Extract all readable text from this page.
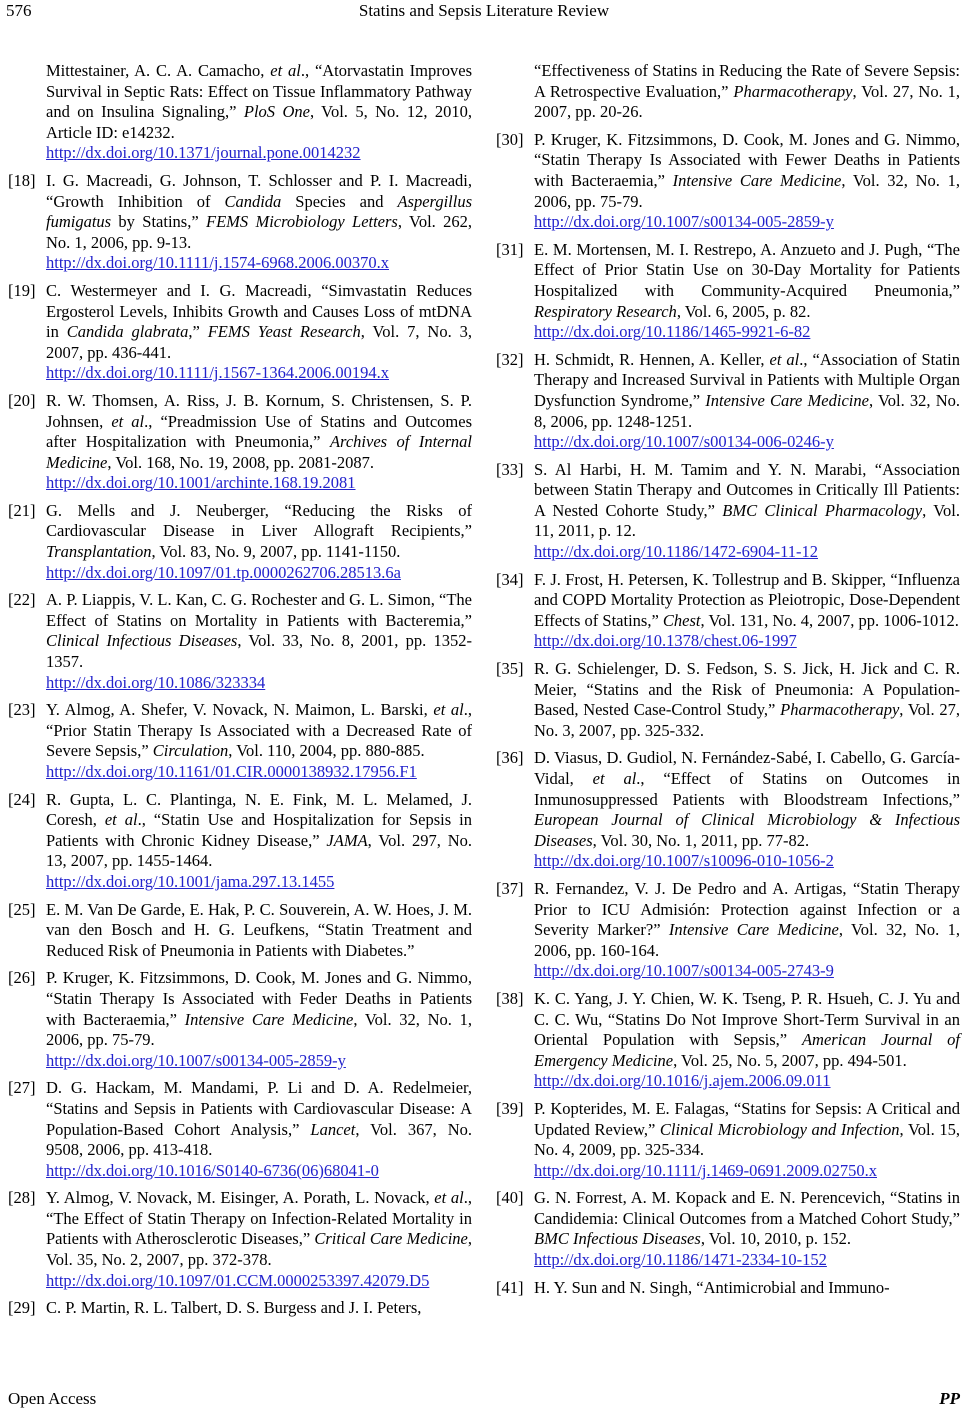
576	Statins and Sepsis Literature Review
Mittestainer, A. C. A. Camacho, et al., “Atorvastatin Improves Survival in Septic Rats: Effect on Tissue Inflammatory Pathway and on Insulina Signaling,” PloS One, Vol. 5, No. 12, 2010, Article ID: e14232.
http://dx.doi.org/10.1371/journal.pone.0014232
[18] I. G. Macreadi, G. Johnson, T. Schlosser and P. I. Macreadi, “Growth Inhibition of Candida Species and Aspergillus fumigatus by Statins,” FEMS Microbiology Letters, Vol. 262, No. 1, 2006, pp. 9-13.
http://dx.doi.org/10.1111/j.1574-6968.2006.00370.x
[19] C. Westermeyer and I. G. Macreadi, “Simvastatin Reduces Ergosterol Levels, Inhibits Growth and Causes Loss of mtDNA in Candida glabrata,” FEMS Yeast Research, Vol. 7, No. 3, 2007, pp. 436-441.
http://dx.doi.org/10.1111/j.1567-1364.2006.00194.x
[20] R. W. Thomsen, A. Riss, J. B. Kornum, S. Christensen, S. P. Johnsen, et al., “Preadmission Use of Statins and Outcomes after Hospitalization with Pneumonia,” Archives of Internal Medicine, Vol. 168, No. 19, 2008, pp. 2081-2087.
http://dx.doi.org/10.1001/archinte.168.19.2081
[21] G. Mells and J. Neuberger, “Reducing the Risks of Cardiovascular Disease in Liver Allograft Recipients,” Transplantation, Vol. 83, No. 9, 2007, pp. 1141-1150.
http://dx.doi.org/10.1097/01.tp.0000262706.28513.6a
[22] A. P. Liappis, V. L. Kan, C. G. Rochester and G. L. Simon, “The Effect of Statins on Mortality in Patients with Bacteremia,” Clinical Infectious Diseases, Vol. 33, No. 8, 2001, pp. 1352-1357.
http://dx.doi.org/10.1086/323334
[23] Y. Almog, A. Shefer, V. Novack, N. Maimon, L. Barski, et al., “Prior Statin Therapy Is Associated with a Decreased Rate of Severe Sepsis,” Circulation, Vol. 110, 2004, pp. 880-885.
http://dx.doi.org/10.1161/01.CIR.0000138932.17956.F1
[24] R. Gupta, L. C. Plantinga, N. E. Fink, M. L. Melamed, J. Coresh, et al., “Statin Use and Hospitalization for Sepsis in Patients with Chronic Kidney Disease,” JAMA, Vol. 297, No. 13, 2007, pp. 1455-1464.
http://dx.doi.org/10.1001/jama.297.13.1455
[25] E. M. Van De Garde, E. Hak, P. C. Souverein, A. W. Hoes, J. M. van den Bosch and H. G. Leufkens, “Statin Treatment and Reduced Risk of Pneumonia in Patients with Diabetes.”
[26] P. Kruger, K. Fitzsimmons, D. Cook, M. Jones and G. Nimmo, “Statin Therapy Is Associated with Feder Deaths in Patients with Bacteraemia,” Intensive Care Medicine, Vol. 32, No. 1, 2006, pp. 75-79.
http://dx.doi.org/10.1007/s00134-005-2859-y
[27] D. G. Hackam, M. Mandami, P. Li and D. A. Redelmeier, “Statins and Sepsis in Patients with Cardiovascular Disease: A Population-Based Cohort Analysis,” Lancet, Vol. 367, No. 9508, 2006, pp. 413-418.
http://dx.doi.org/10.1016/S0140-6736(06)68041-0
[28] Y. Almog, V. Novack, M. Eisinger, A. Porath, L. Novack, et al., “The Effect of Statin Therapy on Infection-Related Mortality in Patients with Atherosclerotic Diseases,” Critical Care Medicine, Vol. 35, No. 2, 2007, pp. 372-378.
http://dx.doi.org/10.1097/01.CCM.0000253397.42079.D5
[29] C. P. Martin, R. L. Talbert, D. S. Burgess and J. I. Peters,
“Effectiveness of Statins in Reducing the Rate of Severe Sepsis: A Retrospective Evaluation,” Pharmacotherapy, Vol. 27, No. 1, 2007, pp. 20-26.
[30] P. Kruger, K. Fitzsimmons, D. Cook, M. Jones and G. Nimmo, “Statin Therapy Is Associated with Fewer Deaths in Patients with Bacteraemia,” Intensive Care Medicine, Vol. 32, No. 1, 2006, pp. 75-79.
http://dx.doi.org/10.1007/s00134-005-2859-y
[31] E. M. Mortensen, M. I. Restrepo, A. Anzueto and J. Pugh, “The Effect of Prior Statin Use on 30-Day Mortality for Patients Hospitalized with Community-Acquired Pneumonia,” Respiratory Research, Vol. 6, 2005, p. 82.
http://dx.doi.org/10.1186/1465-9921-6-82
[32] H. Schmidt, R. Hennen, A. Keller, et al., “Association of Statin Therapy and Increased Survival in Patients with Multiple Organ Dysfunction Syndrome,” Intensive Care Medicine, Vol. 32, No. 8, 2006, pp. 1248-1251.
http://dx.doi.org/10.1007/s00134-006-0246-y
[33] S. Al Harbi, H. M. Tamim and Y. N. Marabi, “Association between Statin Therapy and Outcomes in Critically Ill Patients: A Nested Cohorte Study,” BMC Clinical Pharmacology, Vol. 11, 2011, p. 12.
http://dx.doi.org/10.1186/1472-6904-11-12
[34] F. J. Frost, H. Petersen, K. Tollestrup and B. Skipper, “Influenza and COPD Mortality Protection as Pleiotropic, Dose-Dependent Effects of Statins,” Chest, Vol. 131, No. 4, 2007, pp. 1006-1012.
http://dx.doi.org/10.1378/chest.06-1997
[35] R. G. Schielenger, D. S. Fedson, S. S. Jick, H. Jick and C. R. Meier, “Statins and the Risk of Pneumonia: A Population-Based, Nested Case-Control Study,” Pharmacotherapy, Vol. 27, No. 3, 2007, pp. 325-332.
[36] D. Viasus, D. Gudiol, N. Fernández-Sabé, I. Cabello, G. García-Vidal, et al., “Effect of Statins on Outcomes in Inmunosuppressed Patients with Bloodstream Infections,” European Journal of Clinical Microbiology & Infectious Diseases, Vol. 30, No. 1, 2011, pp. 77-82.
http://dx.doi.org/10.1007/s10096-010-1056-2
[37] R. Fernandez, V. J. De Pedro and A. Artigas, “Statin Therapy Prior to ICU Admisión: Protection against Infection or a Severity Marker?” Intensive Care Medicine, Vol. 32, No. 1, 2006, pp. 160-164.
http://dx.doi.org/10.1007/s00134-005-2743-9
[38] K. C. Yang, J. Y. Chien, W. K. Tseng, P. R. Hsueh, C. J. Yu and C. C. Wu, “Statins Do Not Improve Short-Term Survival in an Oriental Population with Sepsis,” American Journal of Emergency Medicine, Vol. 25, No. 5, 2007, pp. 494-501.
http://dx.doi.org/10.1016/j.ajem.2006.09.011
[39] P. Kopterides, M. E. Falagas, “Statins for Sepsis: A Critical and Updated Review,” Clinical Microbiology and Infection, Vol. 15, No. 4, 2009, pp. 325-334.
http://dx.doi.org/10.1111/j.1469-0691.2009.02750.x
[40] G. N. Forrest, A. M. Kopack and E. N. Perencevich, “Statins in Candidemia: Clinical Outcomes from a Matched Cohort Study,” BMC Infectious Diseases, Vol. 10, 2010, p. 152.
http://dx.doi.org/10.1186/1471-2334-10-152
[41] H. Y. Sun and N. Singh, “Antimicrobial and Immuno-
Open Access	PP
